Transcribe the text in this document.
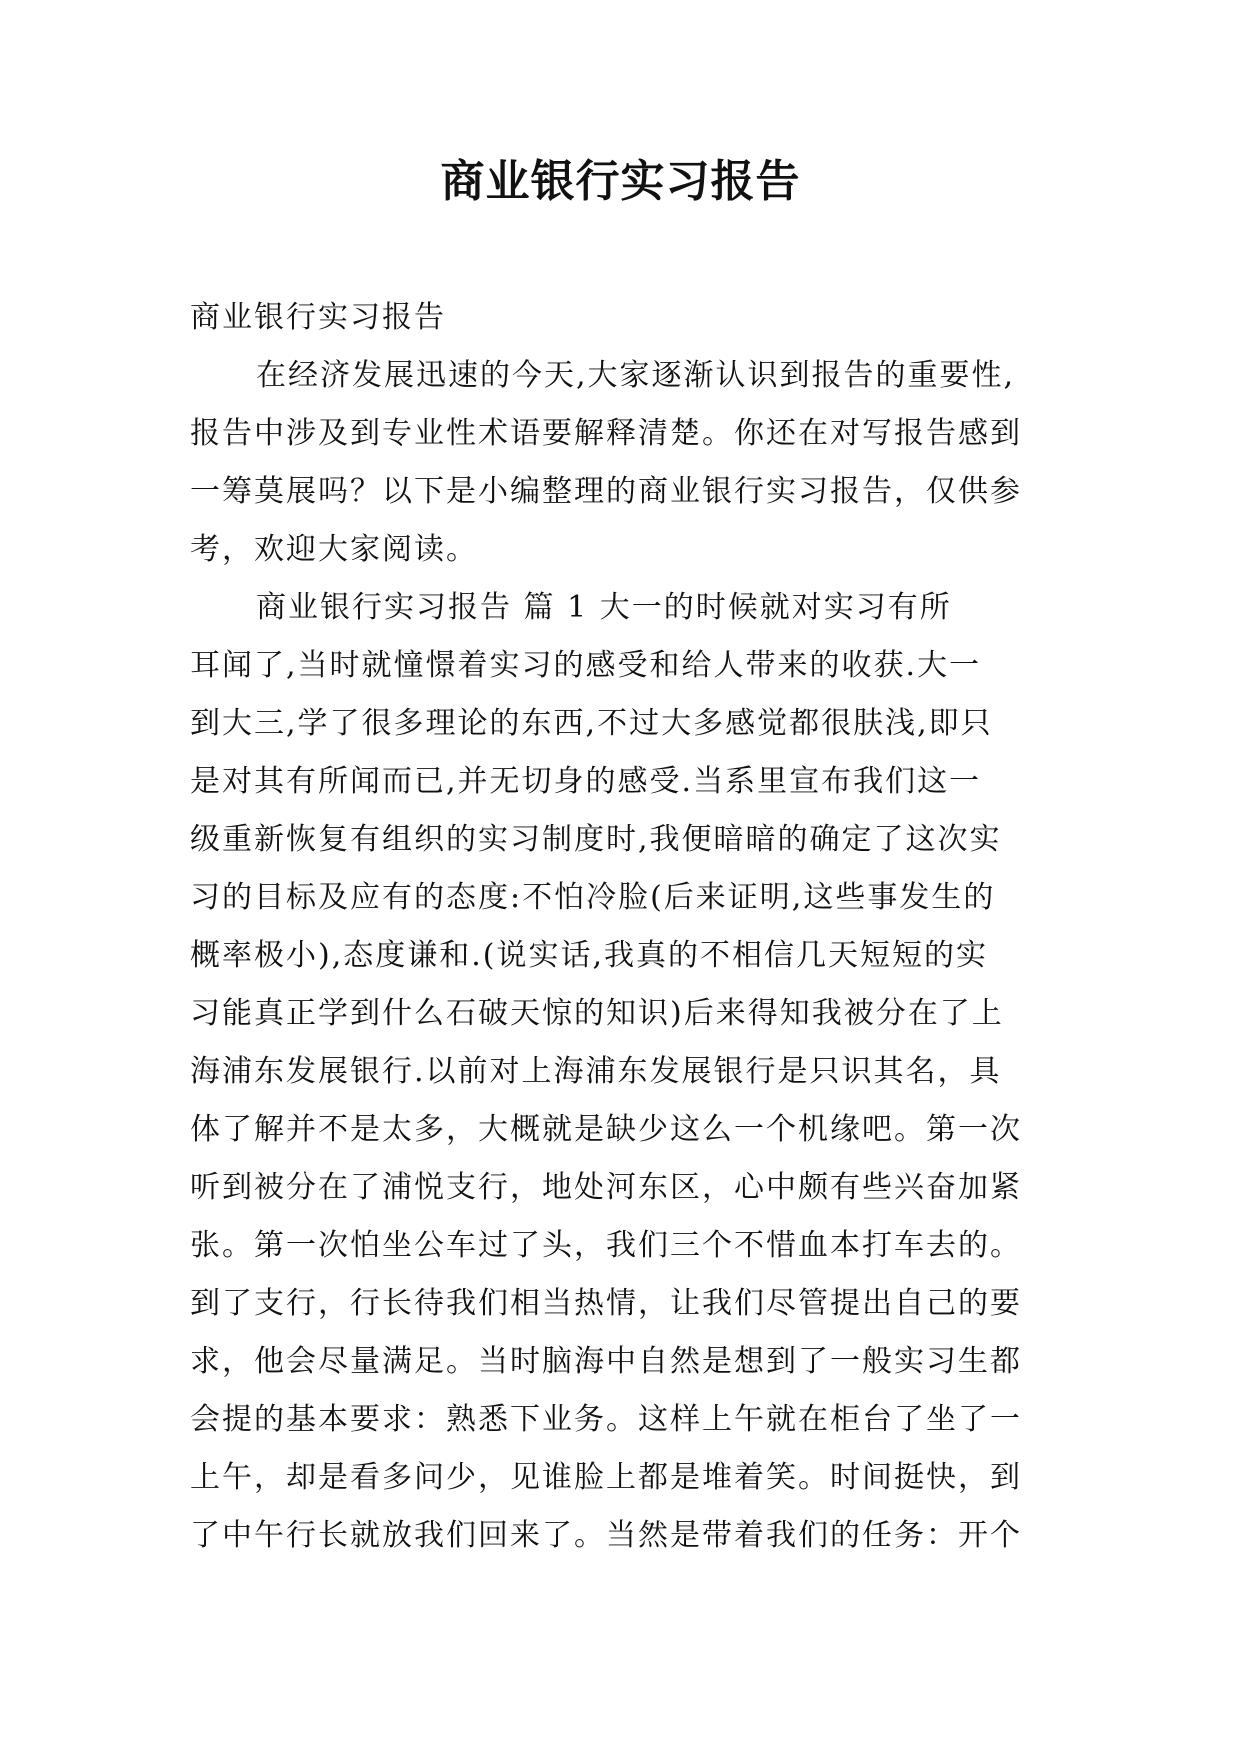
商业银行实习报告
商业银行实习报告
在经济发展迅速的今天,大家逐渐认识到报告的重要性,
报告中涉及到专业性术语要解释清楚。你还在对写报告感到
一筹莫展吗？以下是小编整理的商业银行实习报告，仅供参
考，欢迎大家阅读。
商业银行实习报告 篇 1 大一的时候就对实习有所
耳闻了,当时就憧憬着实习的感受和给人带来的收获.大一
到大三,学了很多理论的东西,不过大多感觉都很肤浅,即只
是对其有所闻而已,并无切身的感受.当系里宣布我们这一
级重新恢复有组织的实习制度时,我便暗暗的确定了这次实
习的目标及应有的态度:不怕冷脸(后来证明,这些事发生的
概率极小),态度谦和.(说实话,我真的不相信几天短短的实
习能真正学到什么石破天惊的知识)后来得知我被分在了上
海浦东发展银行.以前对上海浦东发展银行是只识其名，具
体了解并不是太多，大概就是缺少这么一个机缘吧。第一次
听到被分在了浦悦支行，地处河东区，心中颇有些兴奋加紧
张。第一次怕坐公车过了头，我们三个不惜血本打车去的。
到了支行，行长待我们相当热情，让我们尽管提出自己的要
求，他会尽量满足。当时脑海中自然是想到了一般实习生都
会提的基本要求：熟悉下业务。这样上午就在柜台了坐了一
上午，却是看多问少，见谁脸上都是堆着笑。时间挺快，到
了中午行长就放我们回来了。当然是带着我们的任务：开个
